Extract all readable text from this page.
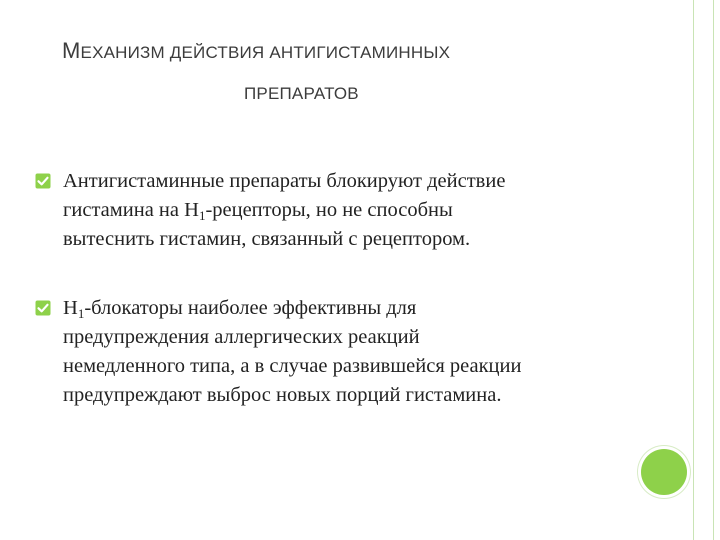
МЕХАНИЗМ ДЕЙСТВИЯ АНТИГИСТАМИННЫХ
ПРЕПАРАТОВ
Антигистаминные препараты блокируют действие
гистамина на $Н_1$-рецепторы, но не способны
вытеснить гистамин, связанный с рецептором.
$Н_1$-блокаторы наиболее эффективны для
предупреждения аллергических реакций
немедленного типа, а в случае развившейся реакции
предупреждают выброс новых порций гистамина.
